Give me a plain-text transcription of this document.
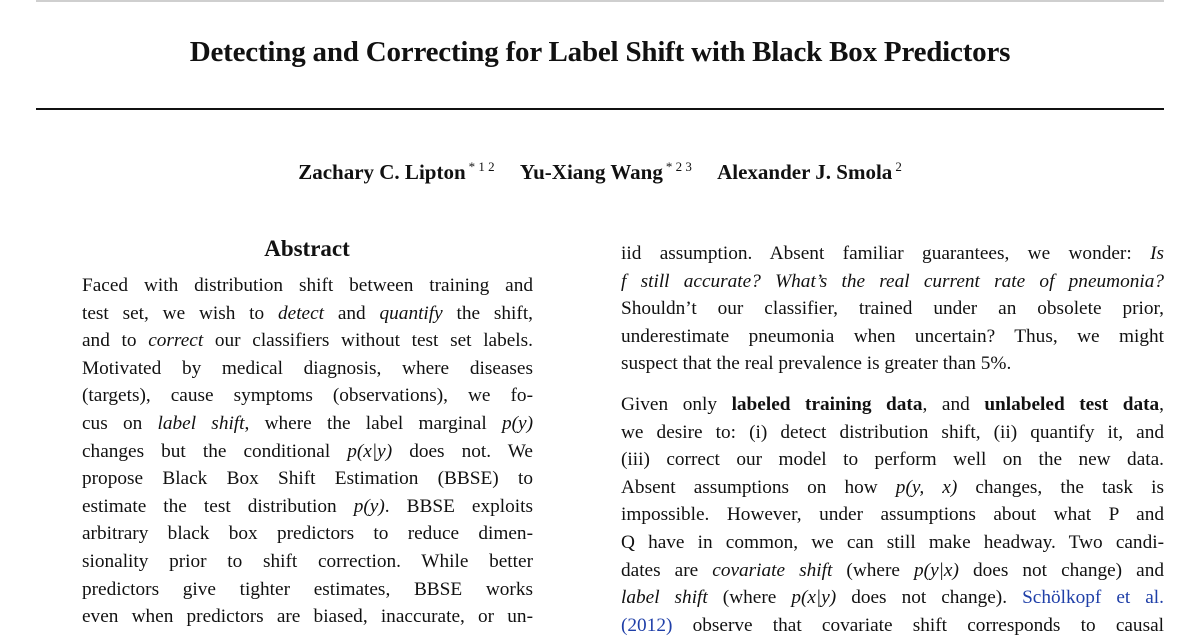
Detecting and Correcting for Label Shift with Black Box Predictors
Zachary C. Lipton $^{* 1 2}$ Yu-Xiang Wang $^{* 2 3}$ Alexander J. Smola $^2$
Abstract
Faced with distribution shift between training and
test set, we wish to detect and quantify the shift,
and to correct our classifiers without test set labels.
Motivated by medical diagnosis, where diseases
(targets), cause symptoms (observations), we fo-
cus on label shift, where the label marginal p(y)
changes but the conditional p(x|y) does not. We
propose Black Box Shift Estimation (BBSE) to
estimate the test distribution p(y). BBSE exploits
arbitrary black box predictors to reduce dimen-
sionality prior to shift correction. While better
predictors give tighter estimates, BBSE works
even when predictors are biased, inaccurate, or un-
iid assumption. Absent familiar guarantees, we wonder: Is
f still accurate? What’s the real current rate of pneumonia?
Shouldn’t our classifier, trained under an obsolete prior,
underestimate pneumonia when uncertain? Thus, we might
suspect that the real prevalence is greater than 5%.
Given only labeled training data, and unlabeled test data,
we desire to: (i) detect distribution shift, (ii) quantify it, and
(iii) correct our model to perform well on the new data.
Absent assumptions on how p(y, x) changes, the task is
impossible. However, under assumptions about what P and
Q have in common, we can still make headway. Two candi-
dates are covariate shift (where p(y|x) does not change) and
label shift (where p(x|y) does not change). Schölkopf et al.
(2012) observe that covariate shift corresponds to causal
